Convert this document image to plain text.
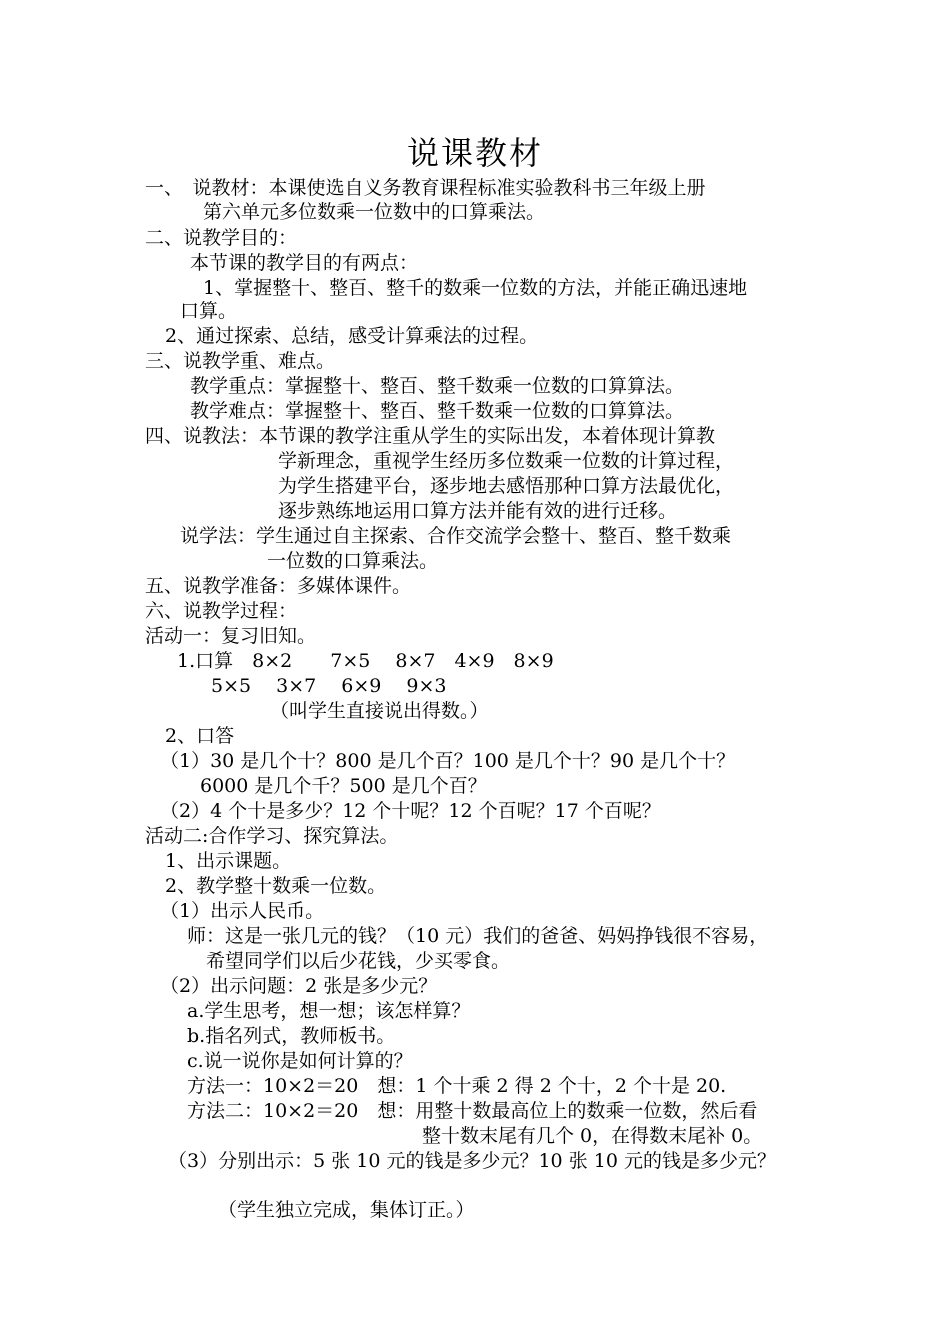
说课教材
一、　说教材：本课使选自义务教育课程标准实验教科书三年级上册
第六单元多位数乘一位数中的口算乘法。
二、说教学目的：
本节课的教学目的有两点：
1、掌握整十、整百、整千的数乘一位数的方法，并能正确迅速地
口算。
2、通过探索、总结，感受计算乘法的过程。
三、说教学重、难点。
教学重点：掌握整十、整百、整千数乘一位数的口算算法。
教学难点：掌握整十、整百、整千数乘一位数的口算算法。
四、说教法：本节课的教学注重从学生的实际出发，本着体现计算教
学新理念，重视学生经历多位数乘一位数的计算过程，
为学生搭建平台，逐步地去感悟那种口算方法最优化，
逐步熟练地运用口算方法并能有效的进行迁移。
说学法：学生通过自主探索、合作交流学会整十、整百、整千数乘
一位数的口算乘法。
五、说教学准备：多媒体课件。
六、说教学过程：
活动一：复习旧知。
1.口算　8×2　　7×5　 8×7　4×9　8×9
5×5　 3×7　 6×9　 9×3
（叫学生直接说出得数。）
2、口答
（1）30 是几个十？800 是几个百？100 是几个十？90 是几个十？
6000 是几个千？500 是几个百？
（2）4 个十是多少？12 个十呢？12 个百呢？17 个百呢？
活动二:合作学习、探究算法。
1、出示课题。
2、教学整十数乘一位数。
（1）出示人民币。
师：这是一张几元的钱？（10 元）我们的爸爸、妈妈挣钱很不容易，
希望同学们以后少花钱，少买零食。
（2）出示问题：2 张是多少元？
a.学生思考，想一想；该怎样算？
b.指名列式，教师板书。
c.说一说你是如何计算的？
方法一：10×2＝20　想：1 个十乘 2 得 2 个十，2 个十是 20.
方法二：10×2＝20　想：用整十数最高位上的数乘一位数，然后看
整十数末尾有几个 0，在得数末尾补 0。
（3）分别出示：5 张 10 元的钱是多少元？10 张 10 元的钱是多少元？
（学生独立完成，集体订正。）
